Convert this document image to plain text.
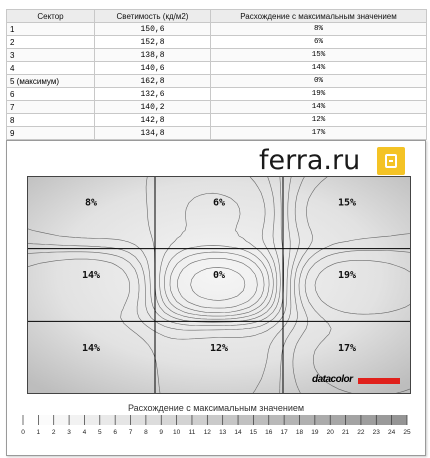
Сектор	Светимость (кд/м2)	Расхождение с максимальным значением
1	150,6	8%
2	152,8	6%
3	138,8	15%
4	140,6	14%
5 (максимум)	162,8	0%
6	132,6	19%
7	140,2	14%
8	142,8	12%
9	134,8	17%
ferra.ru
8%	6%	15%
14%	0%	19%
14%	12%	17%
datacolor
Расхождение с максимальным значением
0 1 2 3 4 5 6 7 8 9 10 11 12 13 14 15 16 17 18 19 20 21 22 23 24 25
